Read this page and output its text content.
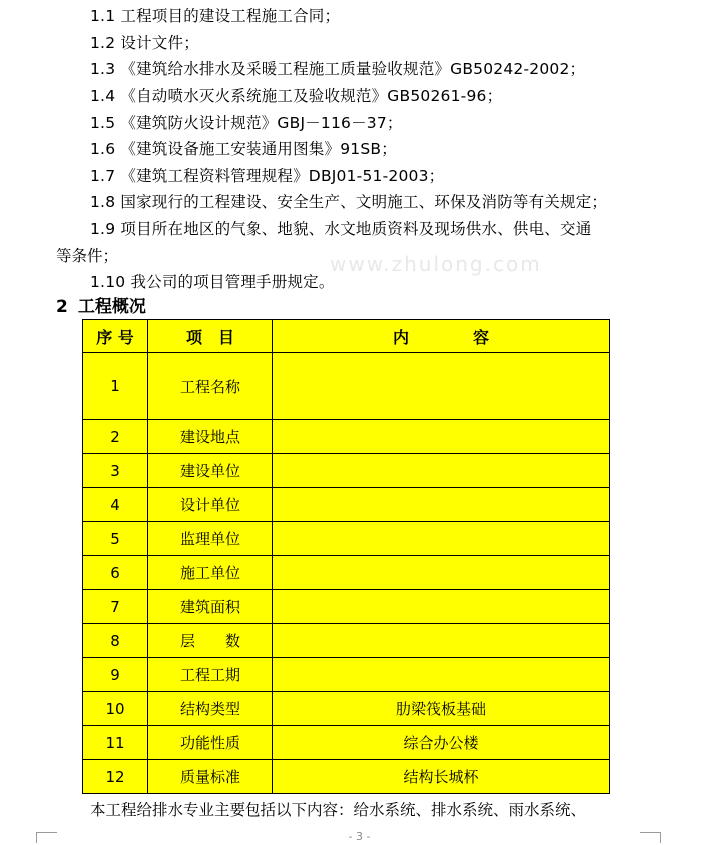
1.1 工程项目的建设工程施工合同；
1.2 设计文件；
1.3 《建筑给水排水及采暖工程施工质量验收规范》GB50242-2002；
1.4 《自动喷水灭火系统施工及验收规范》GB50261-96；
1.5 《建筑防火设计规范》GBJ－116－37；
1.6 《建筑设备施工安装通用图集》91SB；
1.7 《建筑工程资料管理规程》DBJ01-51-2003；
1.8 国家现行的工程建设、安全生产、文明施工、环保及消防等有关规定；
1.9 项目所在地区的气象、地貌、水文地质资料及现场供水、供电、交通
等条件；
1.10 我公司的项目管理手册规定。
www.zhulong.com
2 工程概况
序 号	项　目	内　　　　容
1	工程名称	
2	建设地点	
3	建设单位	
4	设计单位	
5	监理单位	
6	施工单位	
7	建筑面积	
8	层　　数	
9	工程工期	
10	结构类型	肋梁筏板基础
11	功能性质	综合办公楼
12	质量标准	结构长城杯
本工程给排水专业主要包括以下内容：给水系统、排水系统、雨水系统、
- 3 -
